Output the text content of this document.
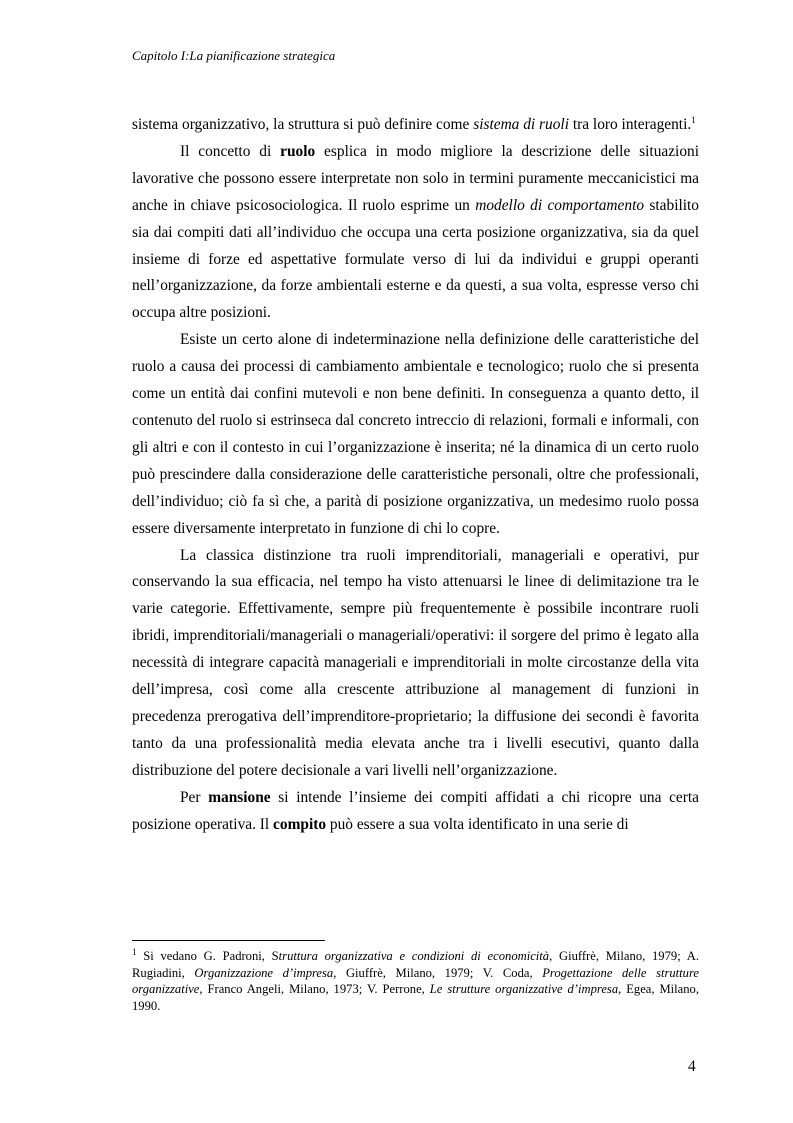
Capitolo I:La pianificazione strategica

sistema organizzativo, la struttura si può definire come sistema di ruoli tra loro interagenti.$^1$

Il concetto di ruolo esplica in modo migliore la descrizione delle situazioni lavorative che possono essere interpretate non solo in termini puramente meccanicistici ma anche in chiave psicosociologica. Il ruolo esprime un modello di comportamento stabilito sia dai compiti dati all’individuo che occupa una certa posizione organizzativa, sia da quel insieme di forze ed aspettative formulate verso di lui da individui e gruppi operanti nell’organizzazione, da forze ambientali esterne e da questi, a sua volta, espresse verso chi occupa altre posizioni.

Esiste un certo alone di indeterminazione nella definizione delle caratteristiche del ruolo a causa dei processi di cambiamento ambientale e tecnologico; ruolo che si presenta come un entità dai confini mutevoli e non bene definiti. In conseguenza a quanto detto, il contenuto del ruolo si estrinseca dal concreto intreccio di relazioni, formali e informali, con gli altri e con il contesto in cui l’organizzazione è inserita; né la dinamica di un certo ruolo può prescindere dalla considerazione delle caratteristiche personali, oltre che professionali, dell’individuo; ciò fa sì che, a parità di posizione organizzativa, un medesimo ruolo possa essere diversamente interpretato in funzione di chi lo copre.

La classica distinzione tra ruoli imprenditoriali, manageriali e operativi, pur conservando la sua efficacia, nel tempo ha visto attenuarsi le linee di delimitazione tra le varie categorie. Effettivamente, sempre più frequentemente è possibile incontrare ruoli ibridi, imprenditoriali/manageriali o manageriali/operativi: il sorgere del primo è legato alla necessità di integrare capacità manageriali e imprenditoriali in molte circostanze della vita dell’impresa, così come alla crescente attribuzione al management di funzioni in precedenza prerogativa dell’imprenditore-proprietario; la diffusione dei secondi è favorita tanto da una professionalità media elevata anche tra i livelli esecutivi, quanto dalla distribuzione del potere decisionale a vari livelli nell’organizzazione.

Per mansione si intende l’insieme dei compiti affidati a chi ricopre una certa posizione operativa. Il compito può essere a sua volta identificato in una serie di

$^1$ Si vedano G. Padroni, Struttura organizzativa e condizioni di economicità, Giuffrè, Milano, 1979; A. Rugiadini, Organizzazione d’impresa, Giuffrè, Milano, 1979; V. Coda, Progettazione delle strutture organizzative, Franco Angeli, Milano, 1973; V. Perrone, Le strutture organizzative d’impresa, Egea, Milano, 1990.

4
